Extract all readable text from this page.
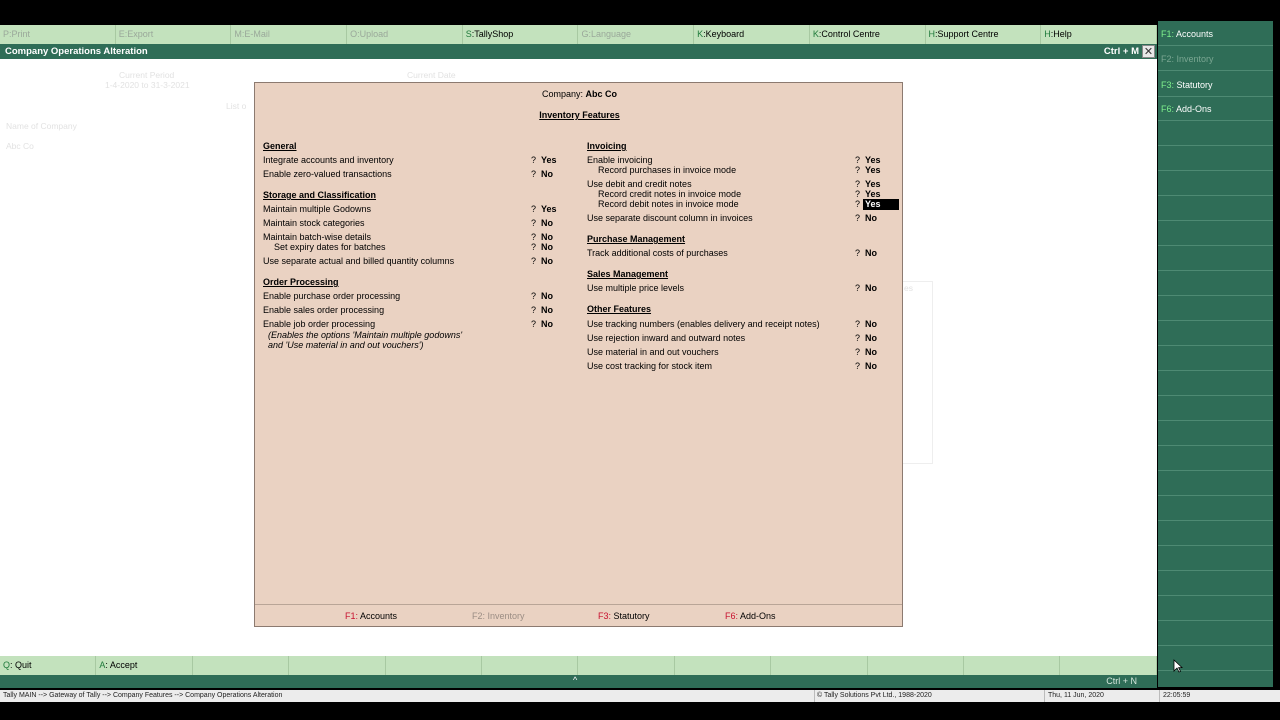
P:Print	E:Export	M:E-Mail	O:Upload	S:TallyShop	G:Language	K:Keyboard	K:Control Centre	H:Support Centre	H:Help
Company Operations Alteration	Ctrl + M ✕
Current Period
1-4-2020 to 31-3-2021
Current Date
List o
Name of Company
Abc Co
es
Company: Abc Co
Inventory Features
General
Integrate accounts and inventory	? Yes
Enable zero-valued transactions	? No
Storage and Classification
Maintain multiple Godowns	? Yes
Maintain stock categories	? No
Maintain batch-wise details	? No
Set expiry dates for batches	? No
Use separate actual and billed quantity columns	? No
Order Processing
Enable purchase order processing	? No
Enable sales order processing	? No
Enable job order processing	? No
(Enables the options 'Maintain multiple godowns'
and 'Use material in and out vouchers')
Invoicing
Enable invoicing	? Yes
Record purchases in invoice mode	? Yes
Use debit and credit notes	? Yes
Record credit notes in invoice mode	? Yes
Record debit notes in invoice mode	? Yes
Use separate discount column in invoices	? No
Purchase Management
Track additional costs of purchases	? No
Sales Management
Use multiple price levels	? No
Other Features
Use tracking numbers (enables delivery and receipt notes)	? No
Use rejection inward and outward notes	? No
Use material in and out vouchers	? No
Use cost tracking for stock item	? No
F1: Accounts	F2: Inventory	F3: Statutory	F6: Add-Ons
F1: Accounts
F2: Inventory
F3: Statutory
F6: Add-Ons
Q: Quit	A: Accept
^	Ctrl + N
Tally MAIN --> Gateway of Tally --> Company Features --> Company Operations Alteration	© Tally Solutions Pvt Ltd., 1988-2020	Thu, 11 Jun, 2020	22:05:59
